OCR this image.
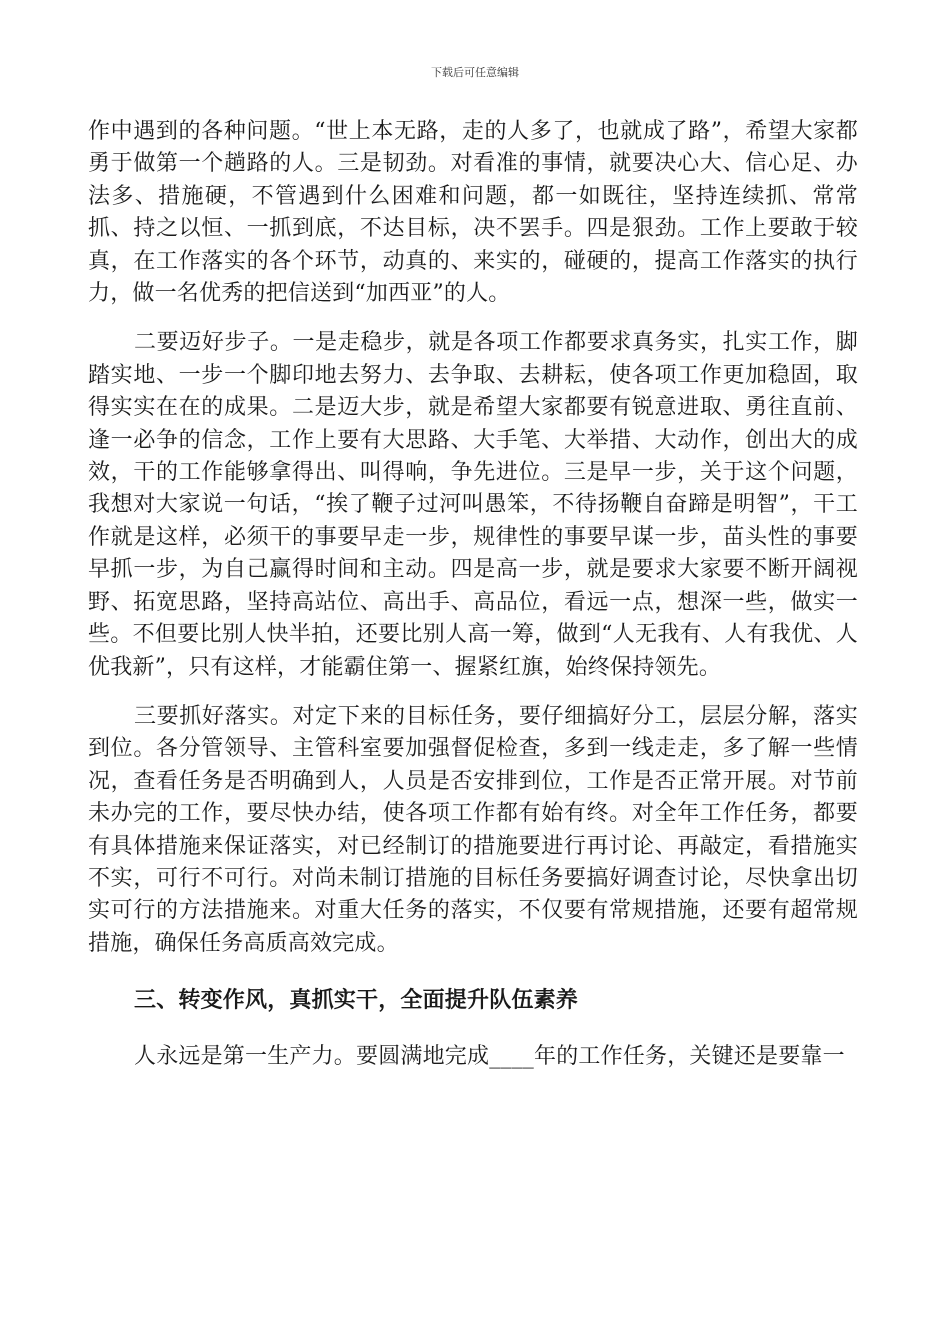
下载后可任意编辑

作中遇到的各种问题。“世上本无路，走的人多了，也就成了路”，希望大家都勇于做第一个趟路的人。三是韧劲。对看准的事情，就要决心大、信心足、办法多、措施硬，不管遇到什么困难和问题，都一如既往，坚持连续抓、常常抓、持之以恒、一抓到底，不达目标，决不罢手。四是狠劲。工作上要敢于较真，在工作落实的各个环节，动真的、来实的，碰硬的，提高工作落实的执行力，做一名优秀的把信送到“加西亚”的人。

二要迈好步子。一是走稳步，就是各项工作都要求真务实，扎实工作，脚踏实地、一步一个脚印地去努力、去争取、去耕耘，使各项工作更加稳固，取得实实在在的成果。二是迈大步，就是希望大家都要有锐意进取、勇往直前、逢一必争的信念，工作上要有大思路、大手笔、大举措、大动作，创出大的成效，干的工作能够拿得出、叫得响，争先进位。三是早一步，关于这个问题，我想对大家说一句话，“挨了鞭子过河叫愚笨，不待扬鞭自奋蹄是明智”，干工作就是这样，必须干的事要早走一步，规律性的事要早谋一步，苗头性的事要早抓一步，为自己赢得时间和主动。四是高一步，就是要求大家要不断开阔视野、拓宽思路，坚持高站位、高出手、高品位，看远一点，想深一些，做实一些。不但要比别人快半拍，还要比别人高一筹，做到“人无我有、人有我优、人优我新”，只有这样，才能霸住第一、握紧红旗，始终保持领先。

三要抓好落实。对定下来的目标任务，要仔细搞好分工，层层分解，落实到位。各分管领导、主管科室要加强督促检查，多到一线走走，多了解一些情况，查看任务是否明确到人，人员是否安排到位，工作是否正常开展。对节前未办完的工作，要尽快办结，使各项工作都有始有终。对全年工作任务，都要有具体措施来保证落实，对已经制订的措施要进行再讨论、再敲定，看措施实不实，可行不可行。对尚未制订措施的目标任务要搞好调查讨论，尽快拿出切实可行的方法措施来。对重大任务的落实，不仅要有常规措施，还要有超常规措施，确保任务高质高效完成。

三、转变作风，真抓实干，全面提升队伍素养

人永远是第一生产力。要圆满地完成____年的工作任务，关键还是要靠一
